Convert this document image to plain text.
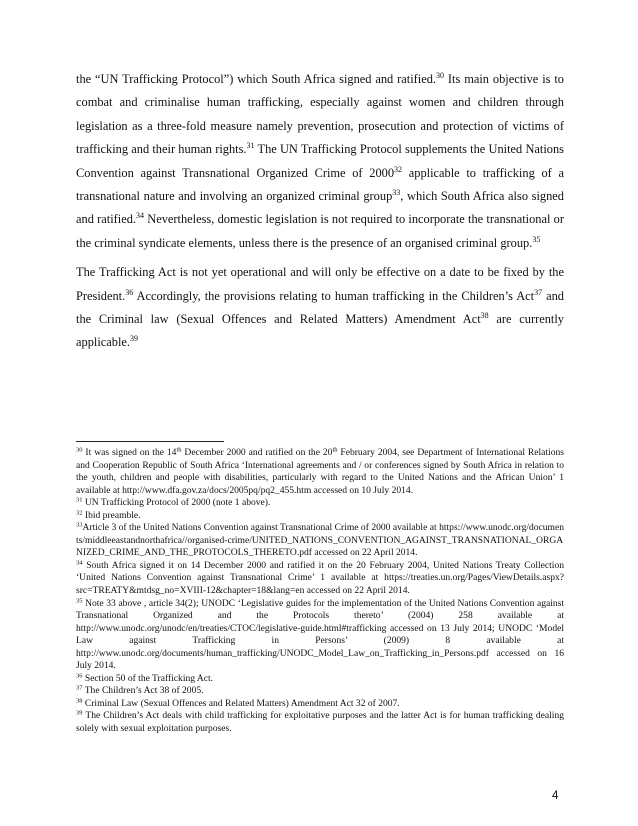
the “UN Trafficking Protocol”) which South Africa signed and ratified.$^{30}$ Its main objective is to combat and criminalise human trafficking, especially against women and children through legislation as a three-fold measure namely prevention, prosecution and protection of victims of trafficking and their human rights.$^{31}$ The UN Trafficking Protocol supplements the United Nations Convention against Transnational Organized Crime of 2000$^{32}$ applicable to trafficking of a transnational nature and involving an organized criminal group$^{33}$, which South Africa also signed and ratified.$^{34}$ Nevertheless, domestic legislation is not required to incorporate the transnational or the criminal syndicate elements, unless there is the presence of an organised criminal group.$^{35}$

The Trafficking Act is not yet operational and will only be effective on a date to be fixed by the President.$^{36}$ Accordingly, the provisions relating to human trafficking in the Children’s Act$^{37}$ and the Criminal law (Sexual Offences and Related Matters) Amendment Act$^{38}$ are currently applicable.$^{39}$

$^{30}$ It was signed on the 14th December 2000 and ratified on the 20th February 2004, see Department of International Relations and Cooperation Republic of South Africa ‘International agreements and / or conferences signed by South Africa in relation to the youth, children and people with disabilities, particularly with regard to the United Nations and the African Union’ 1 available at http://www.dfa.gov.za/docs/2005pq/pq2_455.htm accessed on 10 July 2014.

$^{31}$ UN Trafficking Protocol of 2000 (note 1 above).

$^{32}$ Ibid preamble.

$^{33}$Article 3 of the United Nations Convention against Transnational Crime of 2000 available at https://www.unodc.org/documents/middleeastandnorthafrica//organised-crime/UNITED_NATIONS_CONVENTION_AGAINST_TRANSNATIONAL_ORGANIZED_CRIME_AND_THE_PROTOCOLS_THERETO.pdf accessed on 22 April 2014.

$^{34}$ South Africa signed it on 14 December 2000 and ratified it on the 20 February 2004, United Nations Treaty Collection ‘United Nations Convention against Transnational Crime’ 1 available at https://treaties.un.org/Pages/ViewDetails.aspx?src=TREATY&mtdsg_no=XVIII-12&chapter=18&lang=en accessed on 22 April 2014.

$^{35}$ Note 33 above , article 34(2); UNODC ‘Legislative guides for the implementation of the United Nations Convention against Transnational Organized and the Protocols thereto’ (2004) 258 available at http://www.unodc.org/unodc/en/treaties/CTOC/legislative-guide.html#trafficking accessed on 13 July 2014; UNODC ‘Model Law against Trafficking in Persons’ (2009) 8 available at http://www.unodc.org/documents/human_trafficking/UNODC_Model_Law_on_Trafficking_in_Persons.pdf accessed on 16 July 2014.

$^{36}$ Section 50 of the Trafficking Act.

$^{37}$ The Children’s Act 38 of 2005.

$^{38}$ Criminal Law (Sexual Offences and Related Matters) Amendment Act 32 of 2007.

$^{39}$ The Children’s Act deals with child trafficking for exploitative purposes and the latter Act is for human trafficking dealing solely with sexual exploitation purposes.

4
